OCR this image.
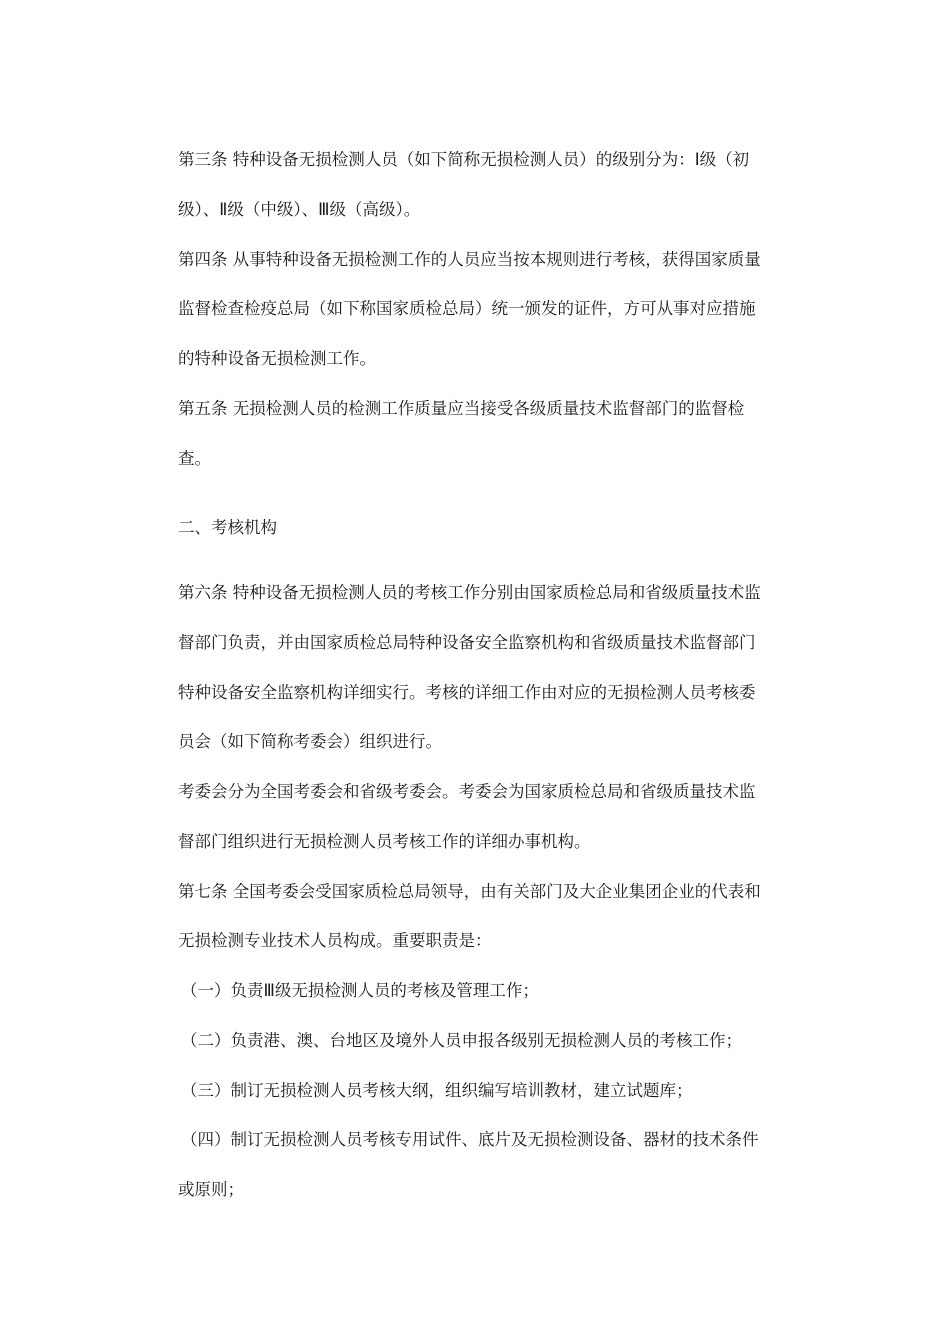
第三条 特种设备无损检测人员（如下简称无损检测人员）的级别分为：Ⅰ级（初
级）、Ⅱ级（中级）、Ⅲ级（高级）。
第四条 从事特种设备无损检测工作的人员应当按本规则进行考核，获得国家质量
监督检查检疫总局（如下称国家质检总局）统一颁发的证件，方可从事对应措施
的特种设备无损检测工作。
第五条 无损检测人员的检测工作质量应当接受各级质量技术监督部门的监督检
查。
二、考核机构
第六条 特种设备无损检测人员的考核工作分别由国家质检总局和省级质量技术监
督部门负责，并由国家质检总局特种设备安全监察机构和省级质量技术监督部门
特种设备安全监察机构详细实行。考核的详细工作由对应的无损检测人员考核委
员会（如下简称考委会）组织进行。
考委会分为全国考委会和省级考委会。考委会为国家质检总局和省级质量技术监
督部门组织进行无损检测人员考核工作的详细办事机构。
第七条 全国考委会受国家质检总局领导，由有关部门及大企业集团企业的代表和
无损检测专业技术人员构成。重要职责是：
（一）负责Ⅲ级无损检测人员的考核及管理工作；
（二）负责港、澳、台地区及境外人员申报各级别无损检测人员的考核工作；
（三）制订无损检测人员考核大纲，组织编写培训教材，建立试题库；
（四）制订无损检测人员考核专用试件、底片及无损检测设备、器材的技术条件
或原则；
